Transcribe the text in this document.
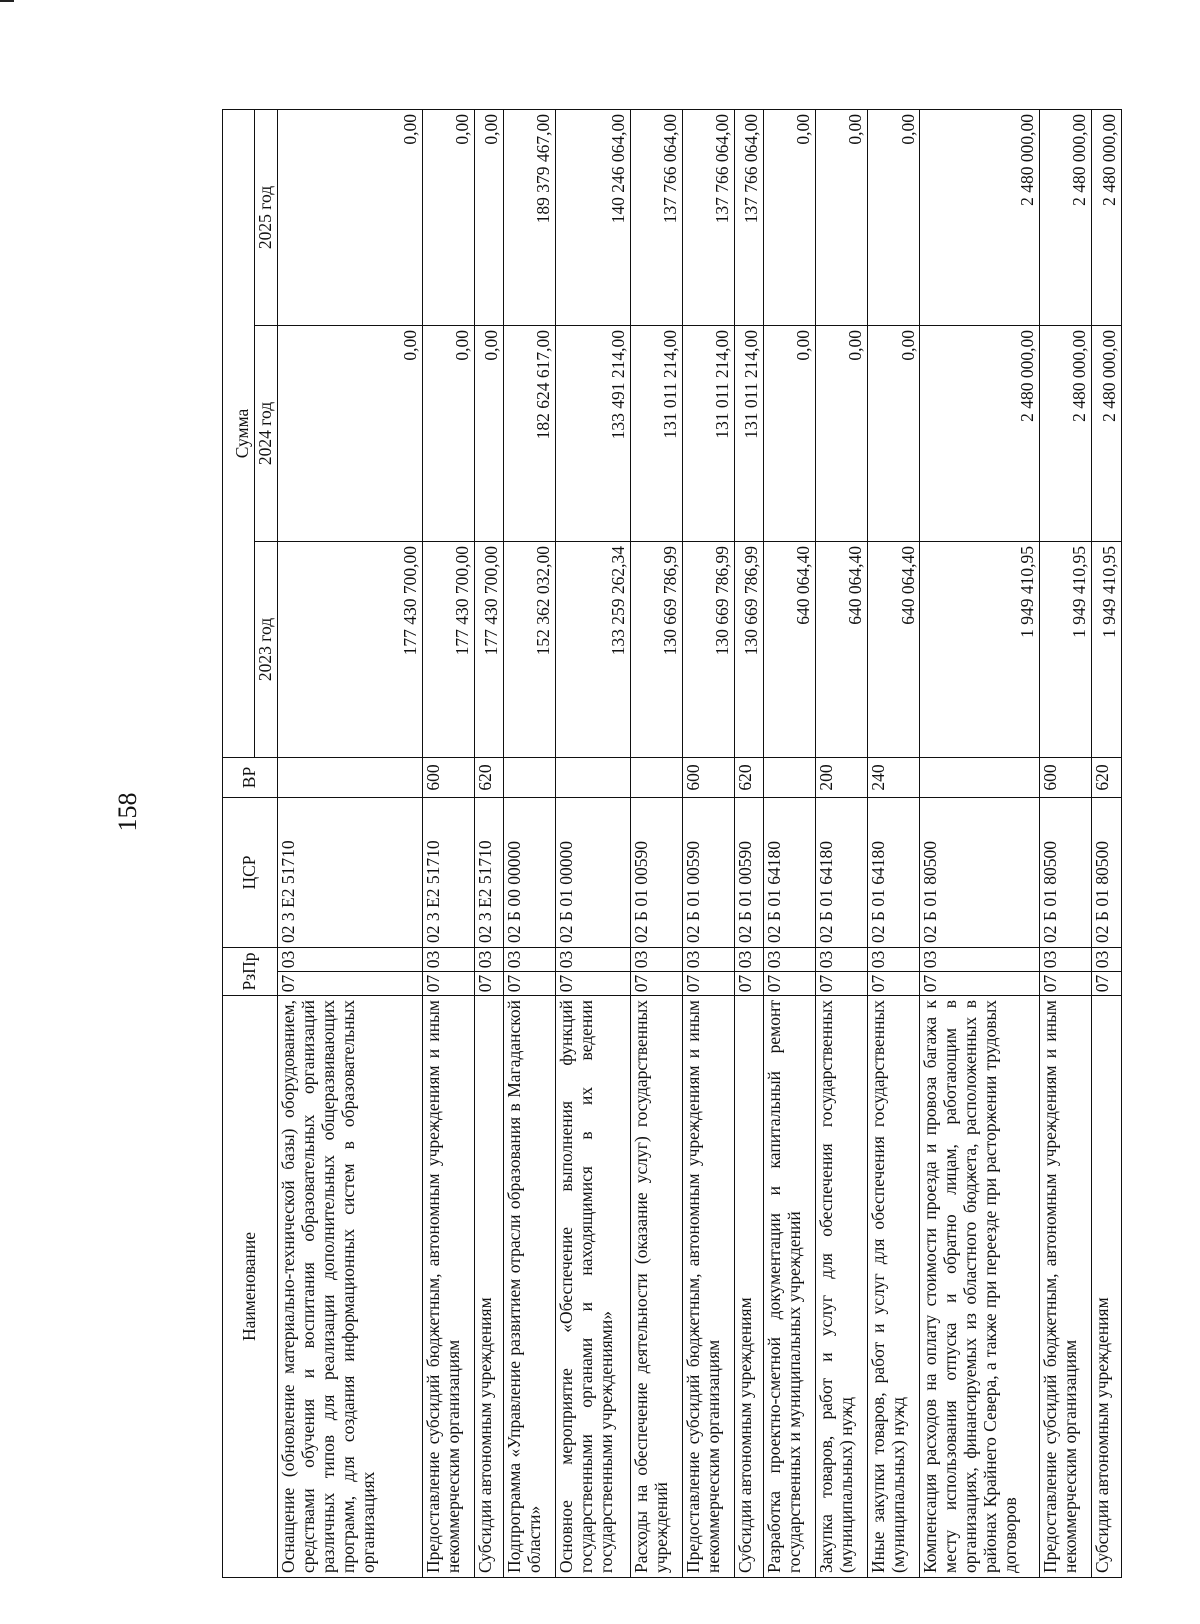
158
Наименование	РзПр		ЦСР	ВР	Сумма		
					2023 год	2024 год	2025 год
Оснащение (обновление материально-технической базы) оборудованием, средствами обучения и воспитания образовательных организаций различных типов для реализации дополнительных общеразвивающих программ, для создания информационных систем в образовательных организациях	07	03	02 3 E2 51710		177 430 700,00	0,00	0,00
Предоставление субсидий бюджетным, автономным учреждениям и иным некоммерческим организациям	07	03	02 3 E2 51710	600	177 430 700,00	0,00	0,00
Субсидии автономным учреждениям	07	03	02 3 E2 51710	620	177 430 700,00	0,00	0,00
Подпрограмма «Управление развитием отрасли образования в Магаданской области»	07	03	02 Б 00 00000		152 362 032,00	182 624 617,00	189 379 467,00
Основное мероприятие «Обеспечение выполнения функций государственными органами и находящимися в их ведении государственными учреждениями»	07	03	02 Б 01 00000		133 259 262,34	133 491 214,00	140 246 064,00
Расходы на обеспечение деятельности (оказание услуг) государственных учреждений	07	03	02 Б 01 00590		130 669 786,99	131 011 214,00	137 766 064,00
Предоставление субсидий бюджетным, автономным учреждениям и иным некоммерческим организациям	07	03	02 Б 01 00590	600	130 669 786,99	131 011 214,00	137 766 064,00
Субсидии автономным учреждениям	07	03	02 Б 01 00590	620	130 669 786,99	131 011 214,00	137 766 064,00
Разработка проектно-сметной документации и капитальный ремонт государственных и муниципальных учреждений	07	03	02 Б 01 64180		640 064,40	0,00	0,00
Закупка товаров, работ и услуг для обеспечения государственных (муниципальных) нужд	07	03	02 Б 01 64180	200	640 064,40	0,00	0,00
Иные закупки товаров, работ и услуг для обеспечения государственных (муниципальных) нужд	07	03	02 Б 01 64180	240	640 064,40	0,00	0,00
Компенсация расходов на оплату стоимости проезда и провоза багажа к месту использования отпуска и обратно лицам, работающим в организациях, финансируемых из областного бюджета, расположенных в районах Крайнего Севера, а также при переезде при расторжении трудовых договоров	07	03	02 Б 01 80500		1 949 410,95	2 480 000,00	2 480 000,00
Предоставление субсидий бюджетным, автономным учреждениям и иным некоммерческим организациям	07	03	02 Б 01 80500	600	1 949 410,95	2 480 000,00	2 480 000,00
Субсидии автономным учреждениям	07	03	02 Б 01 80500	620	1 949 410,95	2 480 000,00	2 480 000,00
